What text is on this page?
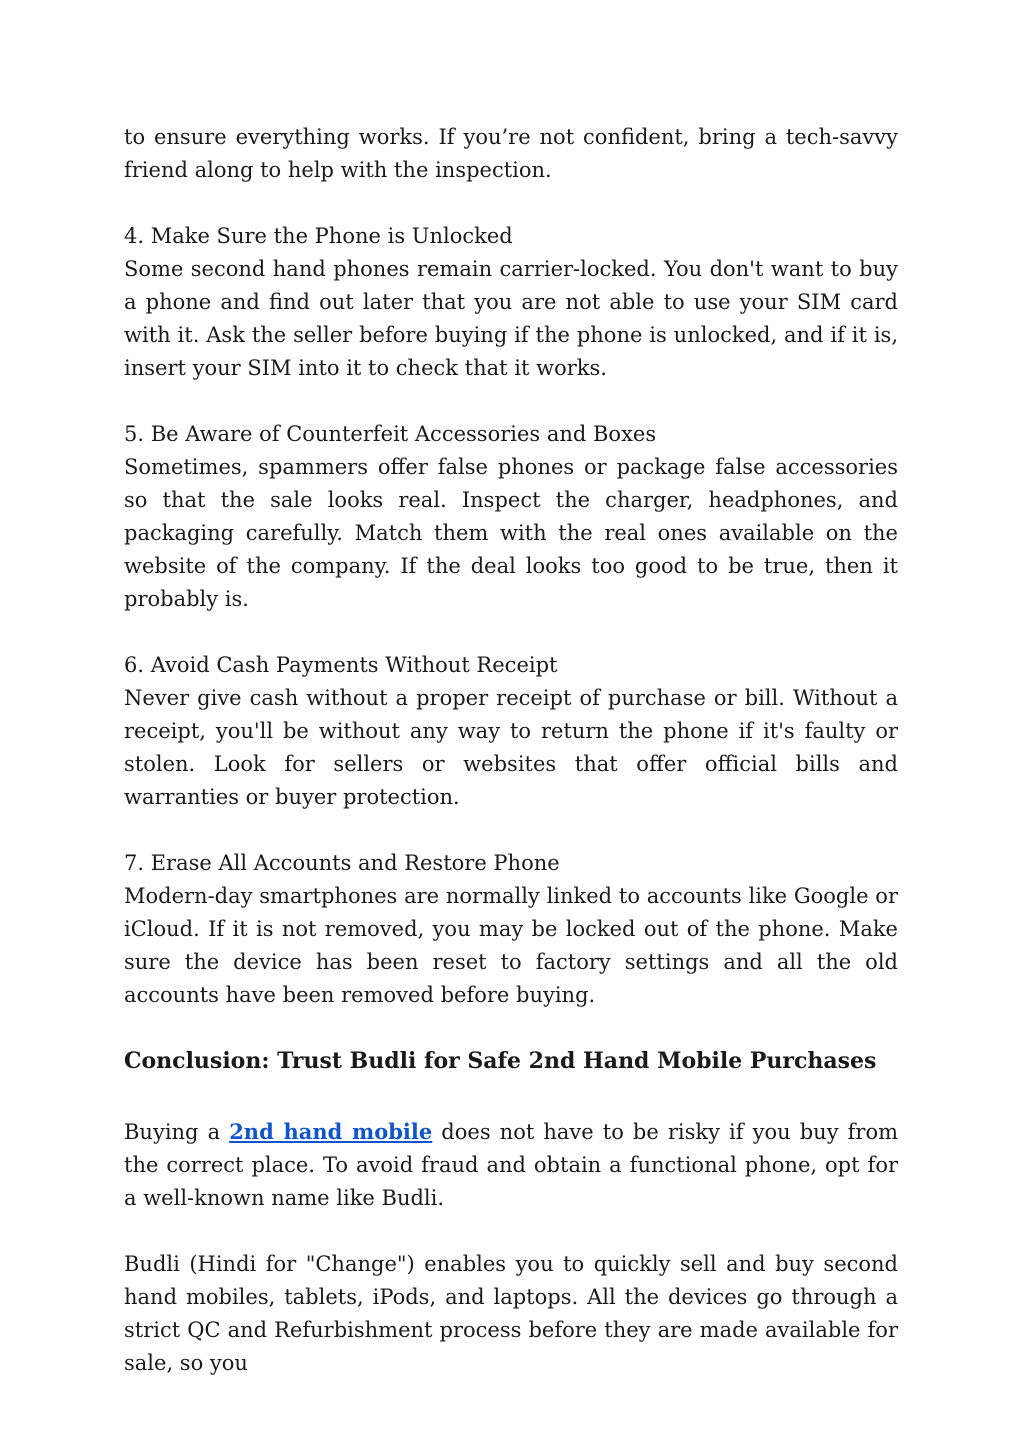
to ensure everything works. If you’re not confident, bring a tech-savvy friend along to help with the inspection.

4. Make Sure the Phone is Unlocked

Some second hand phones remain carrier-locked. You don't want to buy a phone and find out later that you are not able to use your SIM card with it. Ask the seller before buying if the phone is unlocked, and if it is, insert your SIM into it to check that it works.

5. Be Aware of Counterfeit Accessories and Boxes

Sometimes, spammers offer false phones or package false accessories so that the sale looks real. Inspect the charger, headphones, and packaging carefully. Match them with the real ones available on the website of the company. If the deal looks too good to be true, then it probably is.

6. Avoid Cash Payments Without Receipt

Never give cash without a proper receipt of purchase or bill. Without a receipt, you'll be without any way to return the phone if it's faulty or stolen. Look for sellers or websites that offer official bills and warranties or buyer protection.

7. Erase All Accounts and Restore Phone

Modern-day smartphones are normally linked to accounts like Google or iCloud. If it is not removed, you may be locked out of the phone. Make sure the device has been reset to factory settings and all the old accounts have been removed before buying.

Conclusion: Trust Budli for Safe 2nd Hand Mobile Purchases

Buying a 2nd hand mobile does not have to be risky if you buy from the correct place. To avoid fraud and obtain a functional phone, opt for a well-known name like Budli.

Budli (Hindi for "Change") enables you to quickly sell and buy second hand mobiles, tablets, iPods, and laptops. All the devices go through a strict QC and Refurbishment process before they are made available for sale, so you
